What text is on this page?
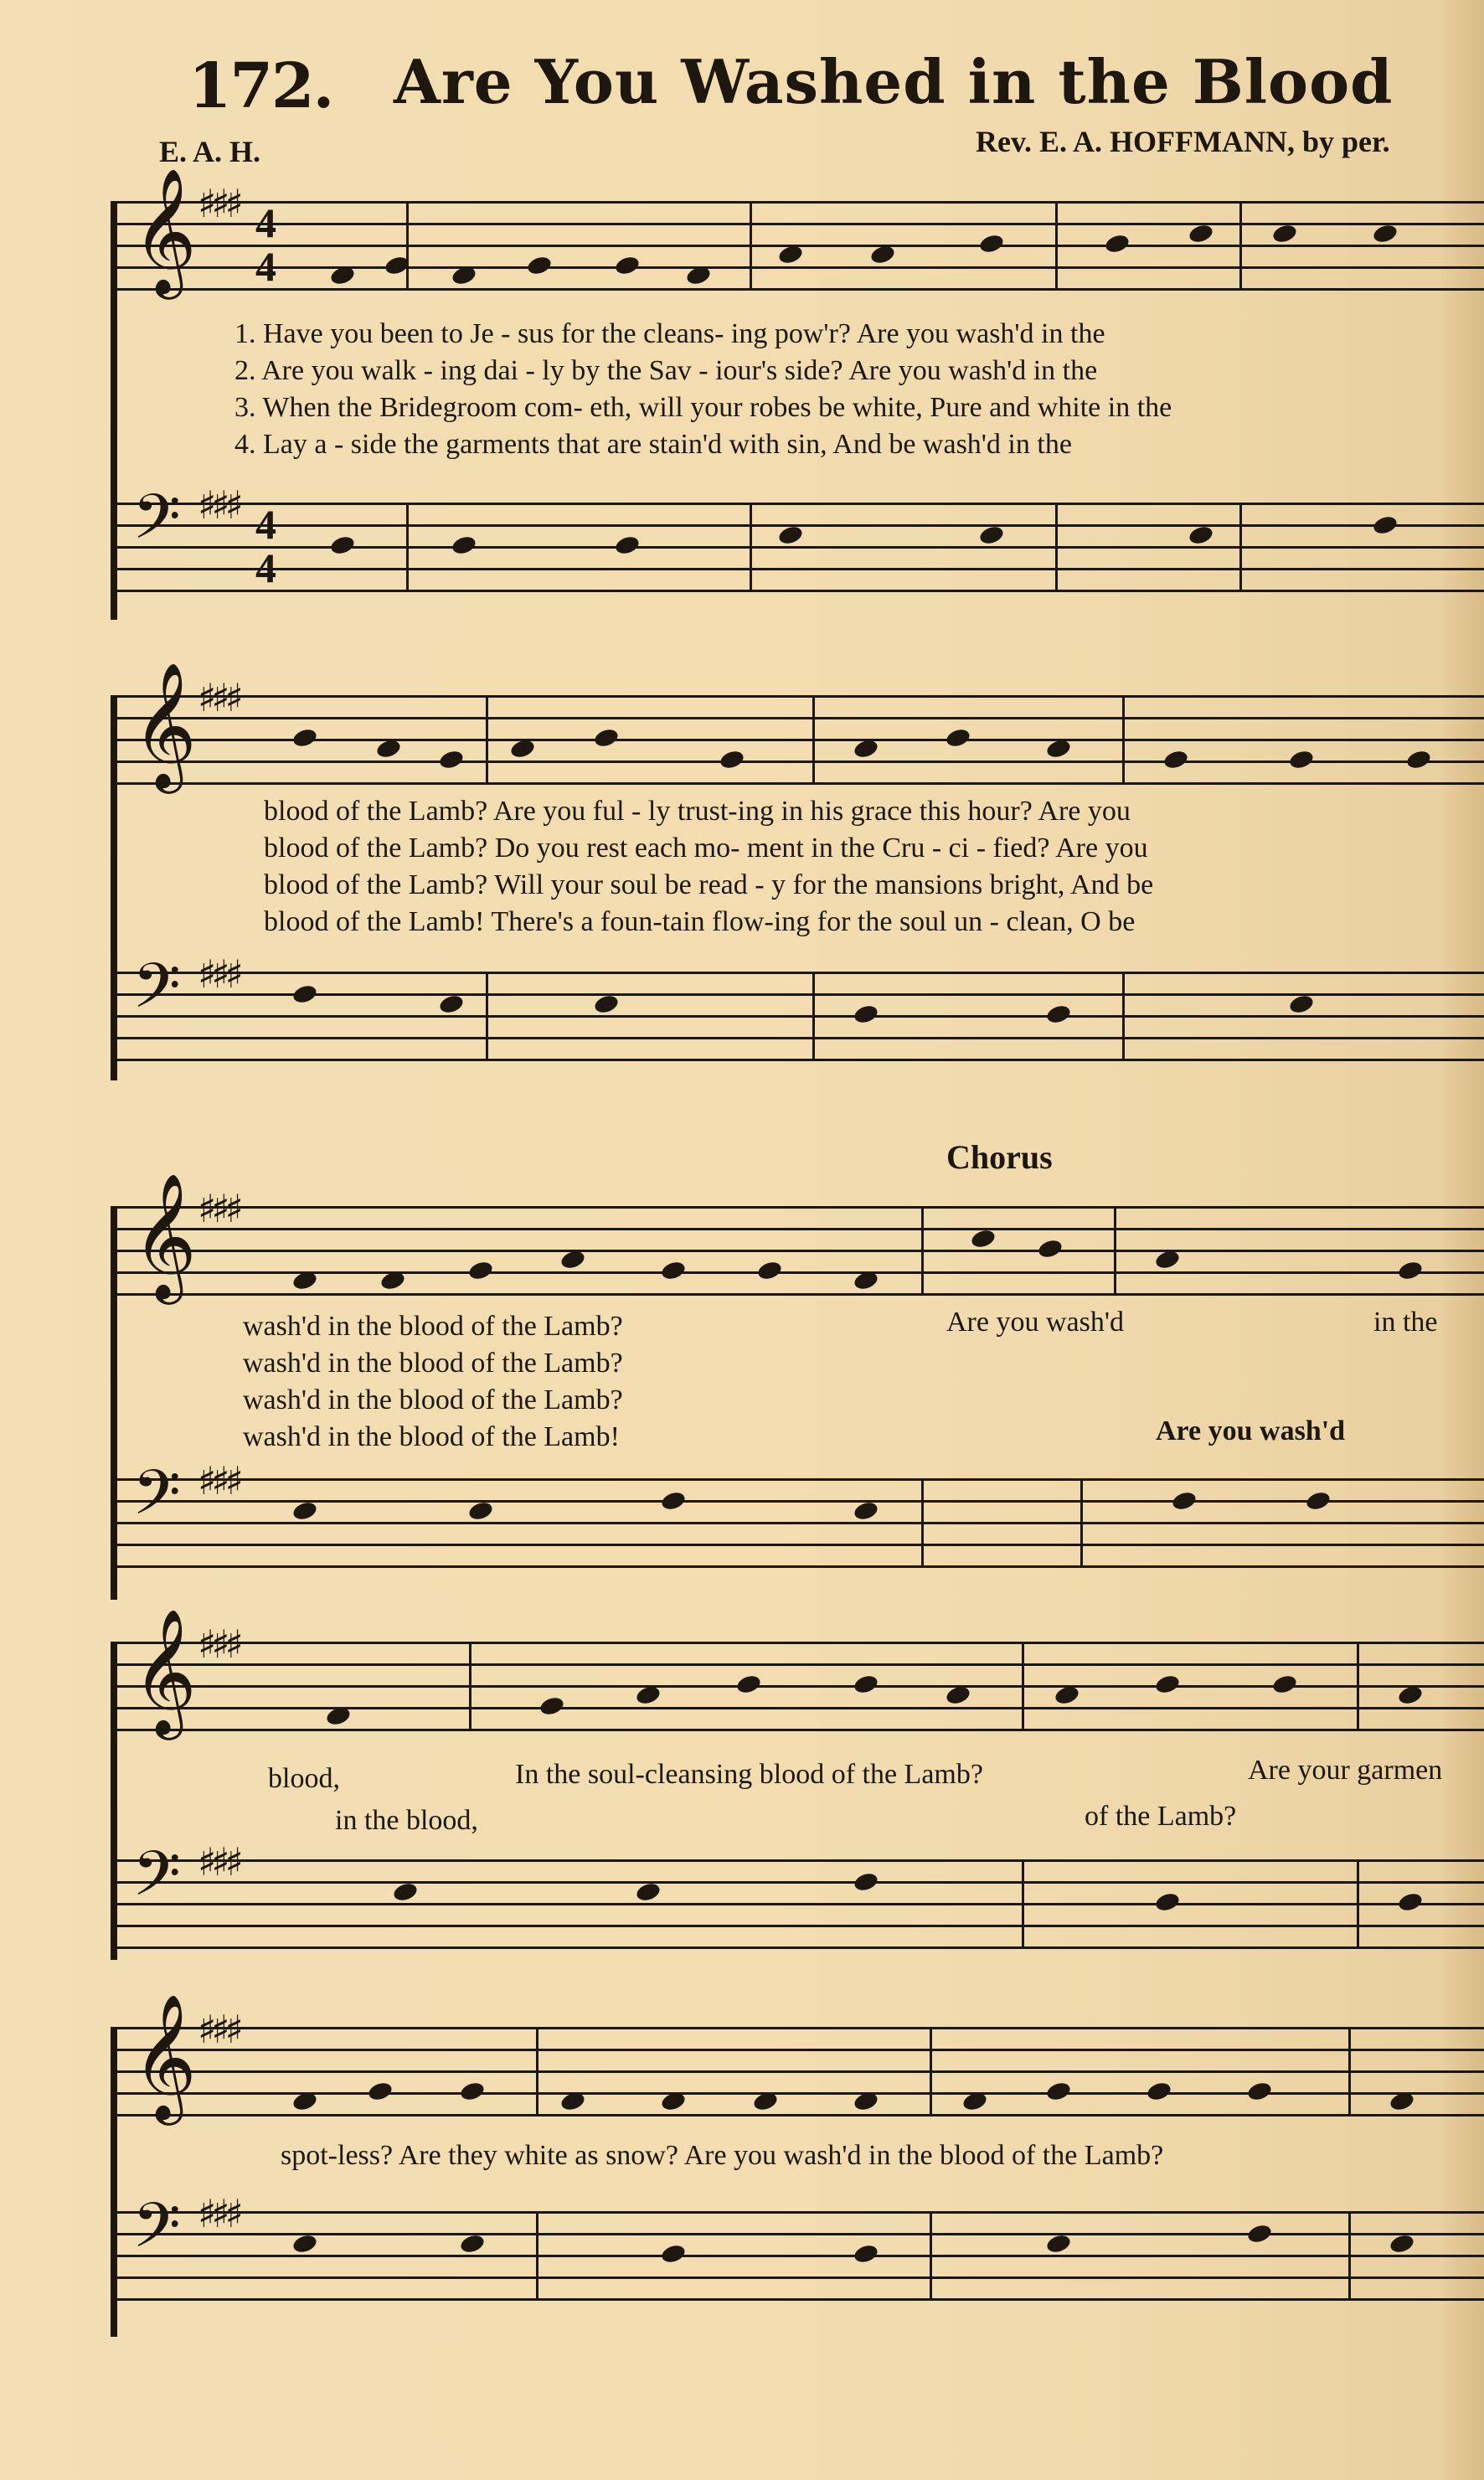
172. Are You Washed in the Blood
E. A. H.	Rev. E. A. HOFFMANN, by per.
𝄞 ♯♯♯ 4
4
1. Have you been to Je - sus for the cleans- ing pow'r? Are you wash'd in the
2. Are you walk - ing dai - ly by the Sav - iour's side? Are you wash'd in the
3. When the Bridegroom com- eth, will your robes be white, Pure and white in the
4. Lay a - side the garments that are stain'd with sin, And be wash'd in the
𝄢 ♯♯♯ 4
4
𝄞 ♯♯♯
blood of the Lamb? Are you ful - ly trust-ing in his grace this hour? Are you
blood of the Lamb? Do you rest each mo- ment in the Cru - ci - fied? Are you
blood of the Lamb? Will your soul be read - y for the mansions bright, And be
blood of the Lamb! There's a foun-tain flow-ing for the soul un - clean, O be
𝄢 ♯♯♯
Chorus
𝄞 ♯♯♯
wash'd in the blood of the Lamb?
wash'd in the blood of the Lamb?
wash'd in the blood of the Lamb?
wash'd in the blood of the Lamb!
Are you wash'd	in the
Are you wash'd
𝄢 ♯♯♯
𝄞 ♯♯♯
blood,	In the soul-cleansing blood of the Lamb?	Are your garmen
in the blood,	of the Lamb?
𝄢 ♯♯♯
𝄞 ♯♯♯
spot-less? Are they white as snow? Are you wash'd in the blood of the Lamb?
𝄢 ♯♯♯
